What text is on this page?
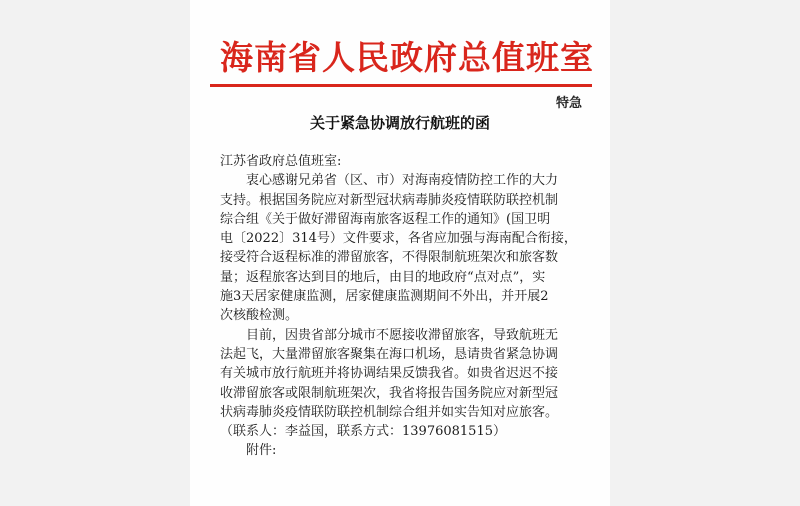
海南省人民政府总值班室
特急
关于紧急协调放行航班的函

江苏省政府总值班室:

衷心感谢兄弟省（区、市）对海南疫情防控工作的大力

支持。根据国务院应对新型冠状病毒肺炎疫情联防联控机制
综合组《关于做好滞留海南旅客返程工作的通知》(国卫明
电〔2022〕314号）文件要求，各省应加强与海南配合衔接，
接受符合返程标准的滞留旅客，不得限制航班架次和旅客数
量；返程旅客达到目的地后，由目的地政府“点对点”，实
施3天居家健康监测，居家健康监测期间不外出，并开展2
次核酸检测。

目前，因贵省部分城市不愿接收滞留旅客，导致航班无

法起飞，大量滞留旅客聚集在海口机场，恳请贵省紧急协调
有关城市放行航班并将协调结果反馈我省。如贵省迟迟不接
收滞留旅客或限制航班架次，我省将报告国务院应对新型冠
状病毒肺炎疫情联防联控机制综合组并如实告知对应旅客。
（联系人：李益国，联系方式：13976081515）

附件:
